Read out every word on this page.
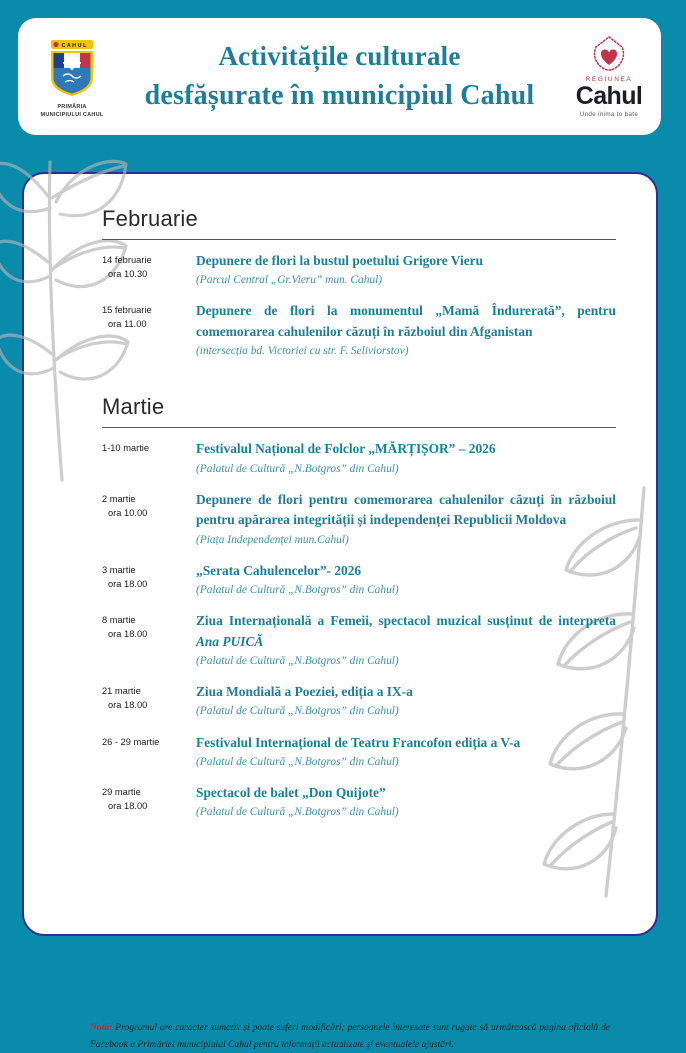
C A H U L
PRIMĂRIA
MUNICIPIULUI CAHUL
Activitățile culturale
desfășurate în municipiul Cahul
REGIUNEA
Cahul
Unde inima to bate
Februarie
14 februarie
ora 10.30
Depunere de flori la bustul poetului Grigore Vieru
(Parcul Central „Gr.Vieru” mun. Cahul)
15 februarie
ora 11.00
Depunere de flori la monumentul „Mamă Îndurerată”, pentru comemorarea cahulenilor căzuți în războiul din Afganistan
(intersecția bd. Victoriei cu str. F. Seliviorstov)
Martie
1-10 martie	Festivalul Național de Folclor „MĂRȚIȘOR” – 2026
(Palatul de Cultură „N.Botgros” din Cahul)
2 martie
ora 10.00
Depunere de flori pentru comemorarea cahulenilor căzuți în războiul pentru apărarea integrității și independenței Republicii Moldova
(Piața Independenței mun.Cahul)
3 martie
ora 18.00
„Serata Cahulencelor”- 2026
(Palatul de Cultură „N.Botgros” din Cahul)
8 martie
ora 18.00
Ziua Internațională a Femeii, spectacol muzical susținut de interpreta Ana PUICĂ
(Palatul de Cultură „N.Botgros” din Cahul)
21 martie
ora 18.00
Ziua Mondială a Poeziei, ediția a IX-a
(Palatul de Cultură „N.Botgros” din Cahul)
26 - 29 martie	Festivalul Internațional de Teatru Francofon ediția a V-a
(Palatul de Cultură „N.Botgros” din Cahul)
29 martie
ora 18.00
Spectacol de balet „Don Quijote”
(Palatul de Cultură „N.Botgros” din Cahul)
Notă: Programul are caracter sumativ și poate suferi modificări; persoanele interesate sunt rugate să urmărească pagina oficială de Facebook a Primăriei municipiului Cahul pentru informații actualizate și eventualele ajustări.
